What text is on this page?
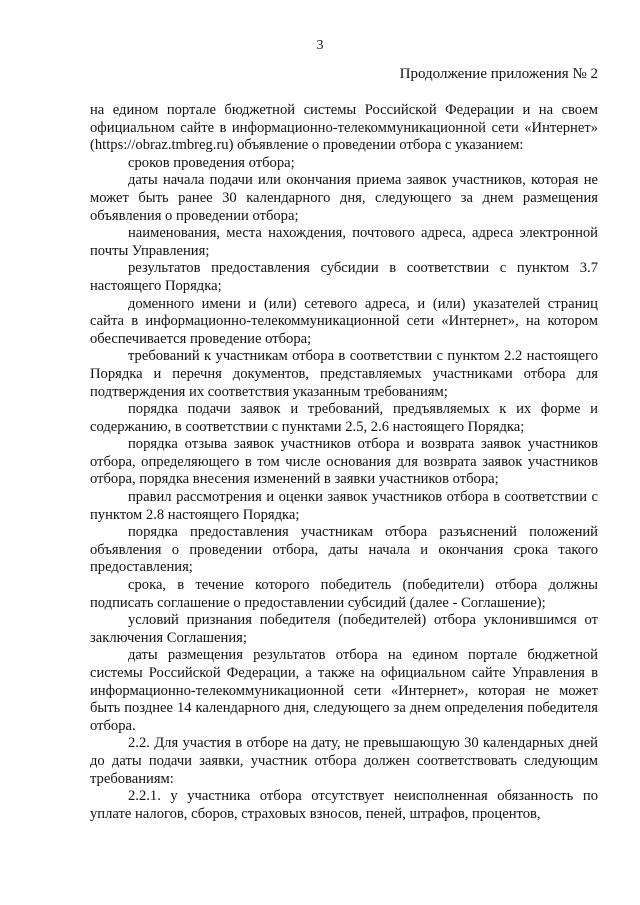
3
Продолжение приложения № 2

на едином портале бюджетной системы Российской Федерации и на своем официальном сайте в информационно-телекоммуникационной сети «Интернет» (https://obraz.tmbreg.ru) объявление о проведении отбора с указанием:

сроков проведения отбора;

даты начала подачи или окончания приема заявок участников, которая не может быть ранее 30 календарного дня, следующего за днем размещения объявления о проведении отбора;

наименования, места нахождения, почтового адреса, адреса электронной почты Управления;

результатов предоставления субсидии в соответствии с пунктом 3.7 настоящего Порядка;

доменного имени и (или) сетевого адреса, и (или) указателей страниц сайта в информационно-телекоммуникационной сети «Интернет», на котором обеспечивается проведение отбора;

требований к участникам отбора в соответствии с пунктом 2.2 настоящего Порядка и перечня документов, представляемых участниками отбора для подтверждения их соответствия указанным требованиям;

порядка подачи заявок и требований, предъявляемых к их форме и содержанию, в соответствии с пунктами 2.5, 2.6 настоящего Порядка;

порядка отзыва заявок участников отбора и возврата заявок участников отбора, определяющего в том числе основания для возврата заявок участников отбора, порядка внесения изменений в заявки участников отбора;

правил рассмотрения и оценки заявок участников отбора в соответствии с пунктом 2.8 настоящего Порядка;

порядка предоставления участникам отбора разъяснений положений объявления о проведении отбора, даты начала и окончания срока такого предоставления;

срока, в течение которого победитель (победители) отбора должны подписать соглашение о предоставлении субсидий (далее - Соглашение);

условий признания победителя (победителей) отбора уклонившимся от заключения Соглашения;

даты размещения результатов отбора на едином портале бюджетной системы Российской Федерации, а также на официальном сайте Управления в информационно-телекоммуникационной сети «Интернет», которая не может быть позднее 14 календарного дня, следующего за днем определения победителя отбора.

2.2. Для участия в отборе на дату, не превышающую 30 календарных дней до даты подачи заявки, участник отбора должен соответствовать следующим требованиям:

2.2.1. у участника отбора отсутствует неисполненная обязанность по уплате налогов, сборов, страховых взносов, пеней, штрафов, процентов,
